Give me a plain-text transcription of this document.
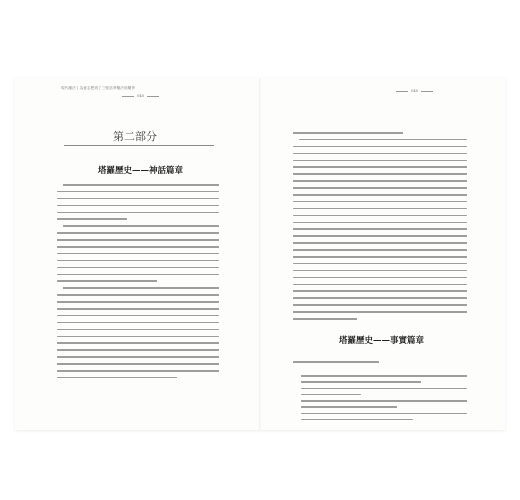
現代魔法 | 為意志想到了三壁話爭魔法到魔爭
040
第二部分
塔羅歷史——神話篇章
040
塔羅歷史——事實篇章
